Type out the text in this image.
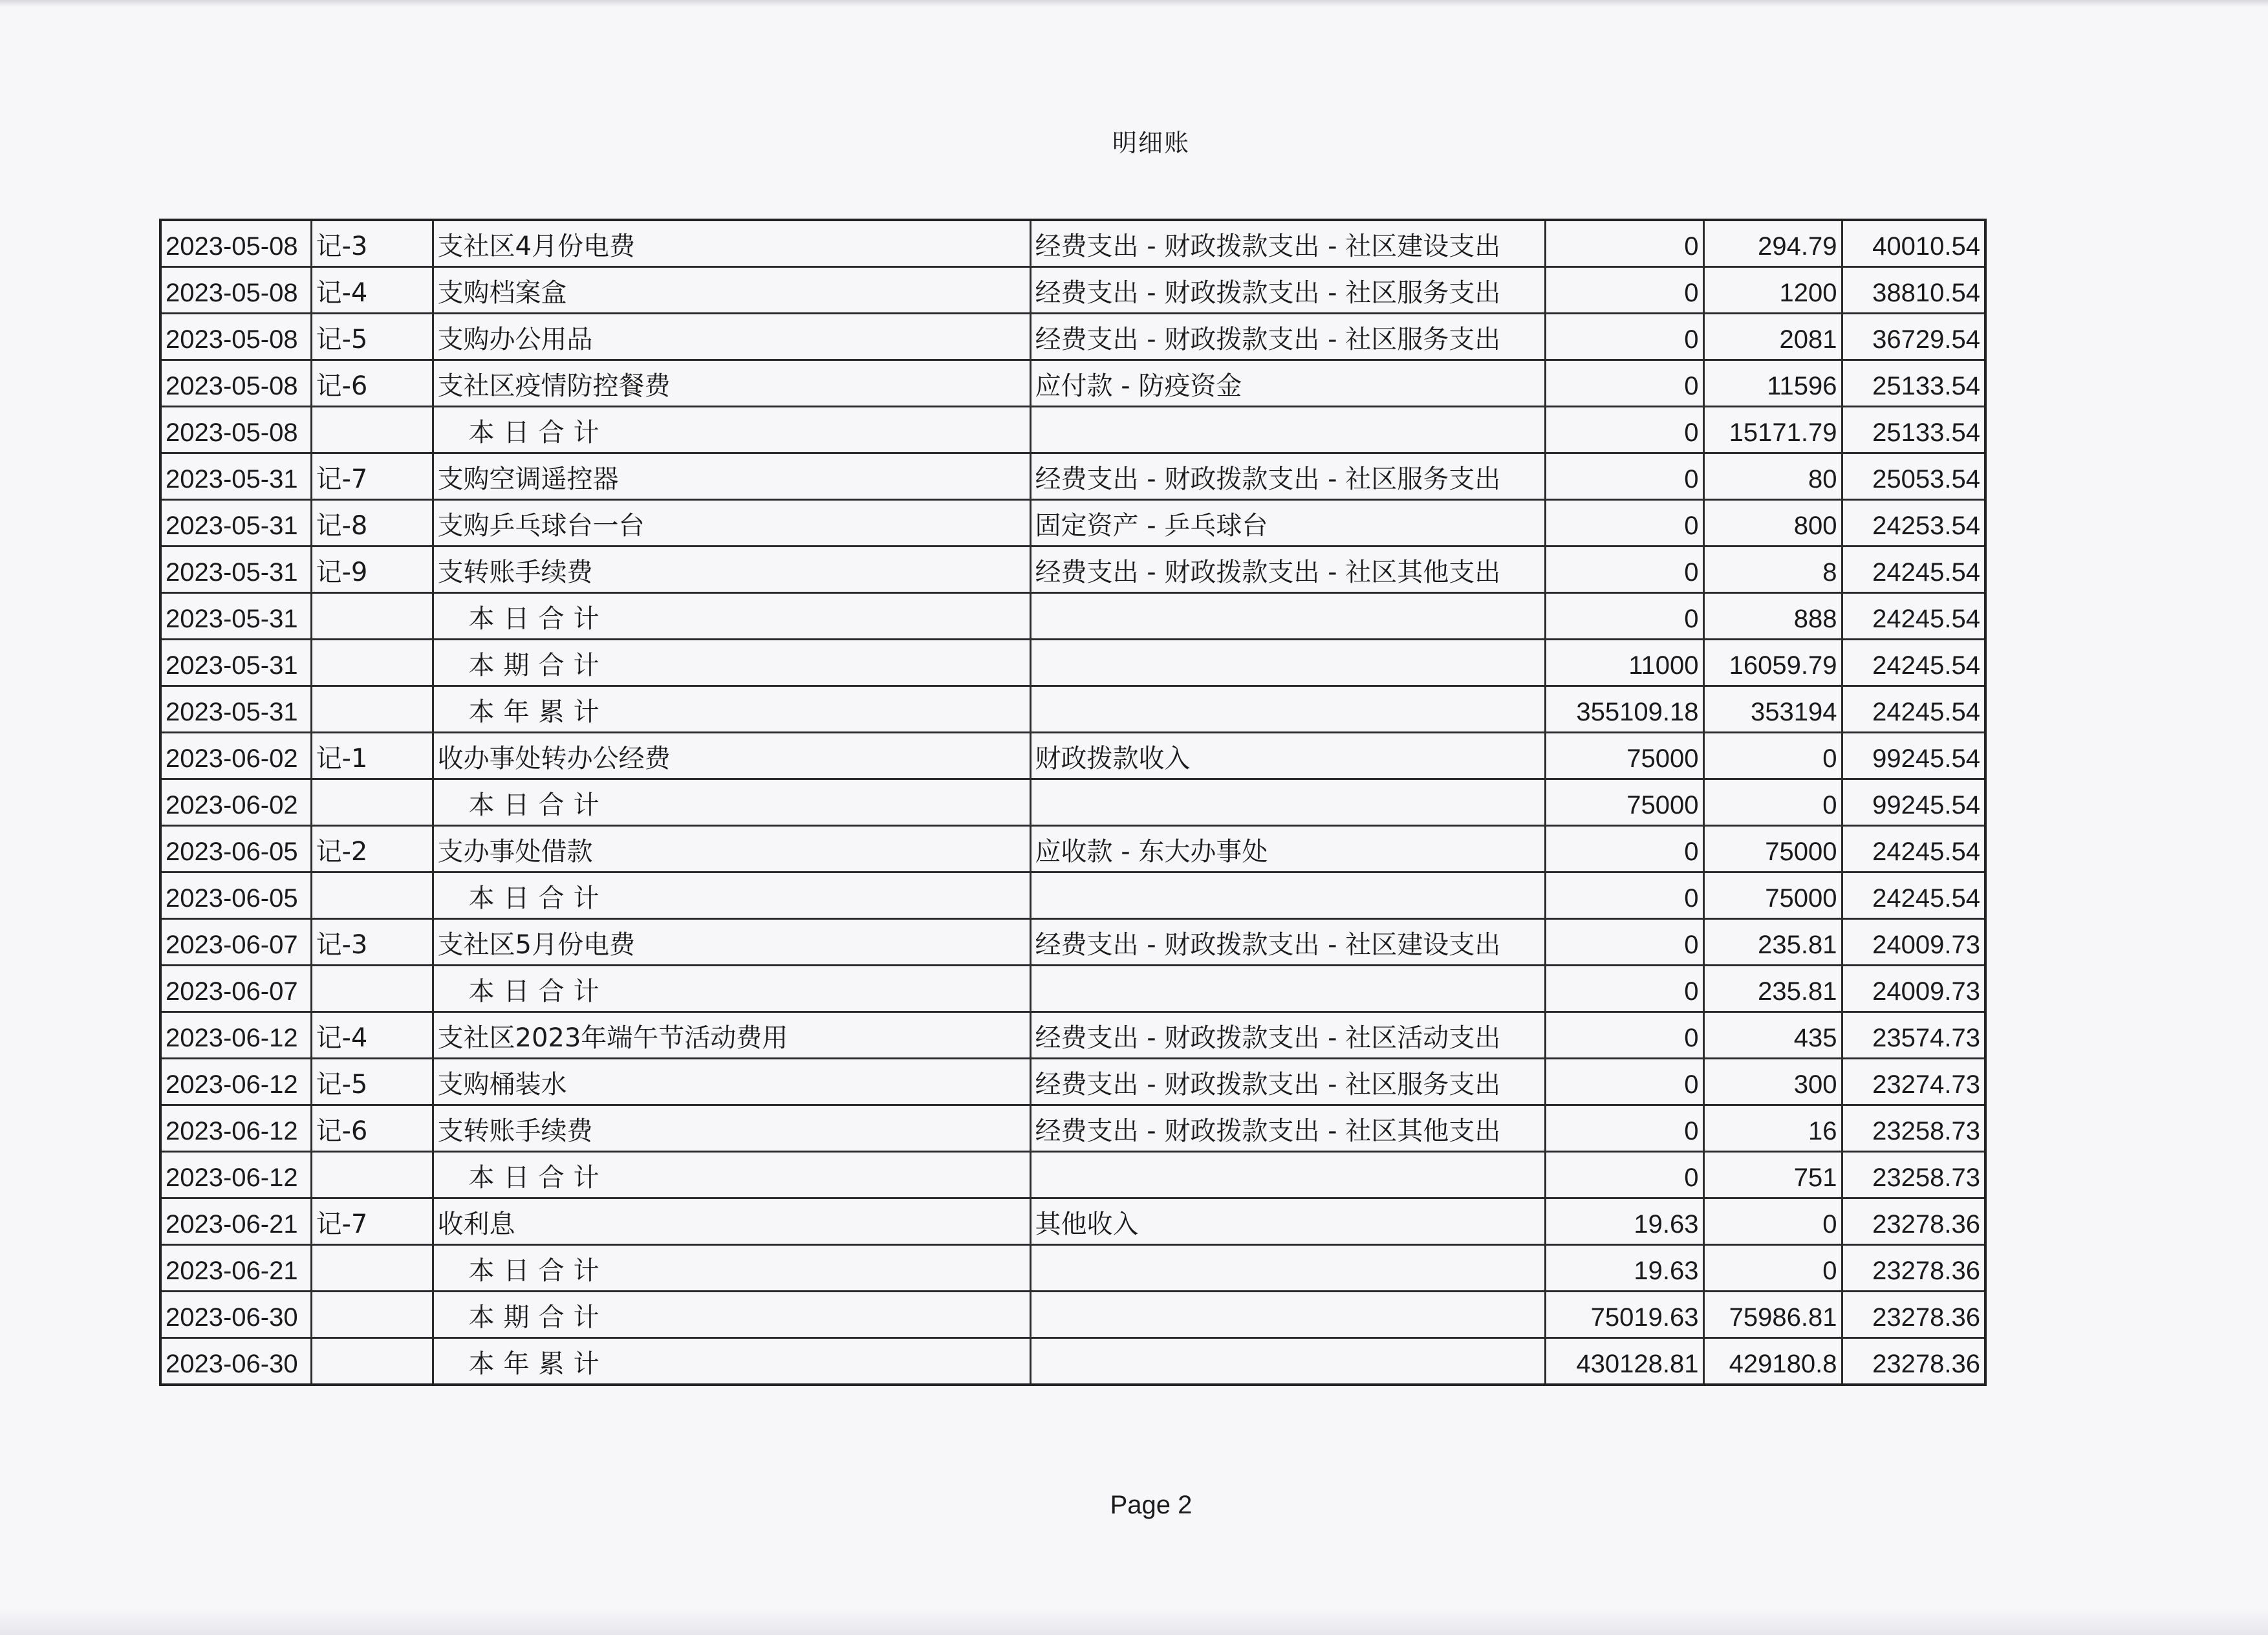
明细账
2023-05-08	记-3	支社区4月份电费	经费支出 - 财政拨款支出 - 社区建设支出	0	294.79	40010.54
2023-05-08	记-4	支购档案盒	经费支出 - 财政拨款支出 - 社区服务支出	0	1200	38810.54
2023-05-08	记-5	支购办公用品	经费支出 - 财政拨款支出 - 社区服务支出	0	2081	36729.54
2023-05-08	记-6	支社区疫情防控餐费	应付款 - 防疫资金	0	11596	25133.54
2023-05-08		本日合计		0	15171.79	25133.54
2023-05-31	记-7	支购空调遥控器	经费支出 - 财政拨款支出 - 社区服务支出	0	80	25053.54
2023-05-31	记-8	支购乒乓球台一台	固定资产 - 乒乓球台	0	800	24253.54
2023-05-31	记-9	支转账手续费	经费支出 - 财政拨款支出 - 社区其他支出	0	8	24245.54
2023-05-31		本日合计		0	888	24245.54
2023-05-31		本期合计		11000	16059.79	24245.54
2023-05-31		本年累计		355109.18	353194	24245.54
2023-06-02	记-1	收办事处转办公经费	财政拨款收入	75000	0	99245.54
2023-06-02		本日合计		75000	0	99245.54
2023-06-05	记-2	支办事处借款	应收款 - 东大办事处	0	75000	24245.54
2023-06-05		本日合计		0	75000	24245.54
2023-06-07	记-3	支社区5月份电费	经费支出 - 财政拨款支出 - 社区建设支出	0	235.81	24009.73
2023-06-07		本日合计		0	235.81	24009.73
2023-06-12	记-4	支社区2023年端午节活动费用	经费支出 - 财政拨款支出 - 社区活动支出	0	435	23574.73
2023-06-12	记-5	支购桶装水	经费支出 - 财政拨款支出 - 社区服务支出	0	300	23274.73
2023-06-12	记-6	支转账手续费	经费支出 - 财政拨款支出 - 社区其他支出	0	16	23258.73
2023-06-12		本日合计		0	751	23258.73
2023-06-21	记-7	收利息	其他收入	19.63	0	23278.36
2023-06-21		本日合计		19.63	0	23278.36
2023-06-30		本期合计		75019.63	75986.81	23278.36
2023-06-30		本年累计		430128.81	429180.8	23278.36
Page 2
